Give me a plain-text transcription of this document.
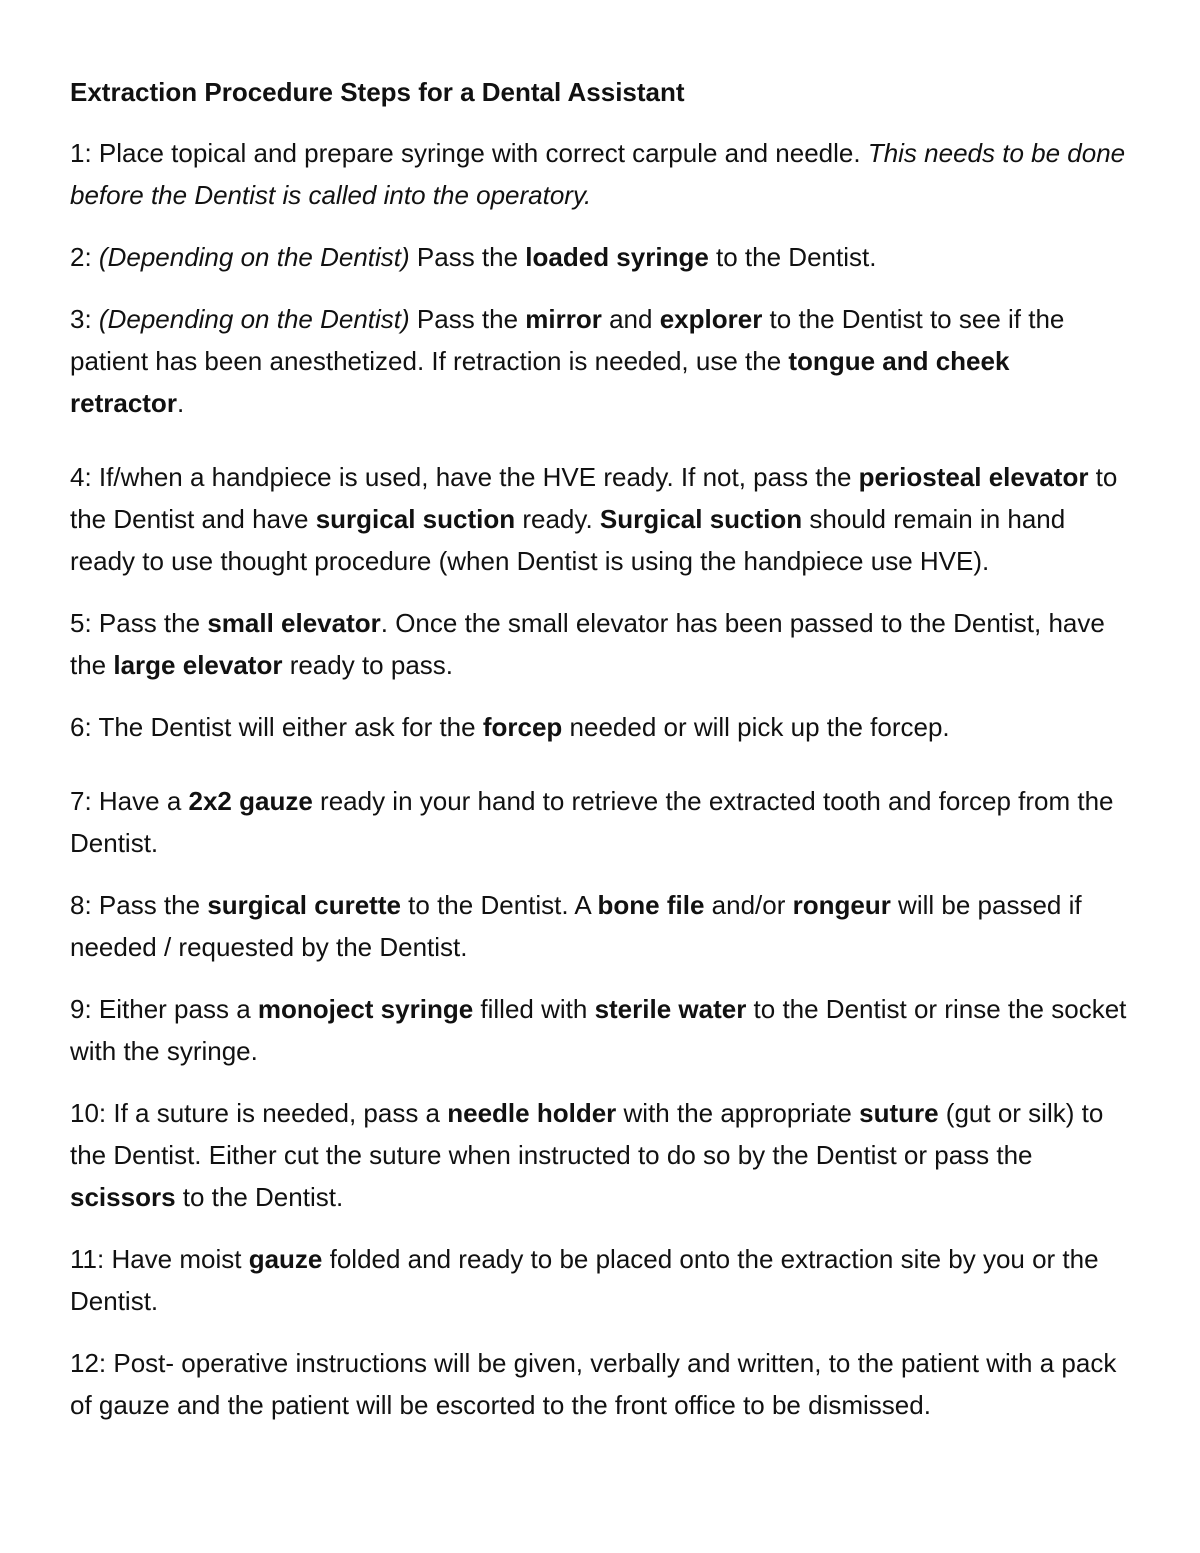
Extraction Procedure Steps for a Dental Assistant
1: Place topical and prepare syringe with correct carpule and needle. This needs to be done before the Dentist is called into the operatory.
2: (Depending on the Dentist) Pass the loaded syringe to the Dentist.
3: (Depending on the Dentist) Pass the mirror and explorer to the Dentist to see if the patient has been anesthetized. If retraction is needed, use the tongue and cheek retractor.
4: If/when a handpiece is used, have the HVE ready. If not, pass the periosteal elevator to the Dentist and have surgical suction ready. Surgical suction should remain in hand ready to use thought procedure (when Dentist is using the handpiece use HVE).
5: Pass the small elevator. Once the small elevator has been passed to the Dentist, have the large elevator ready to pass.
6: The Dentist will either ask for the forcep needed or will pick up the forcep.
7: Have a 2x2 gauze ready in your hand to retrieve the extracted tooth and forcep from the Dentist.
8: Pass the surgical curette to the Dentist. A bone file and/or rongeur will be passed if needed / requested by the Dentist.
9: Either pass a monoject syringe filled with sterile water to the Dentist or rinse the socket with the syringe.
10: If a suture is needed, pass a needle holder with the appropriate suture (gut or silk) to the Dentist. Either cut the suture when instructed to do so by the Dentist or pass the scissors to the Dentist.
11: Have moist gauze folded and ready to be placed onto the extraction site by you or the Dentist.
12: Post- operative instructions will be given, verbally and written, to the patient with a pack of gauze and the patient will be escorted to the front office to be dismissed.
